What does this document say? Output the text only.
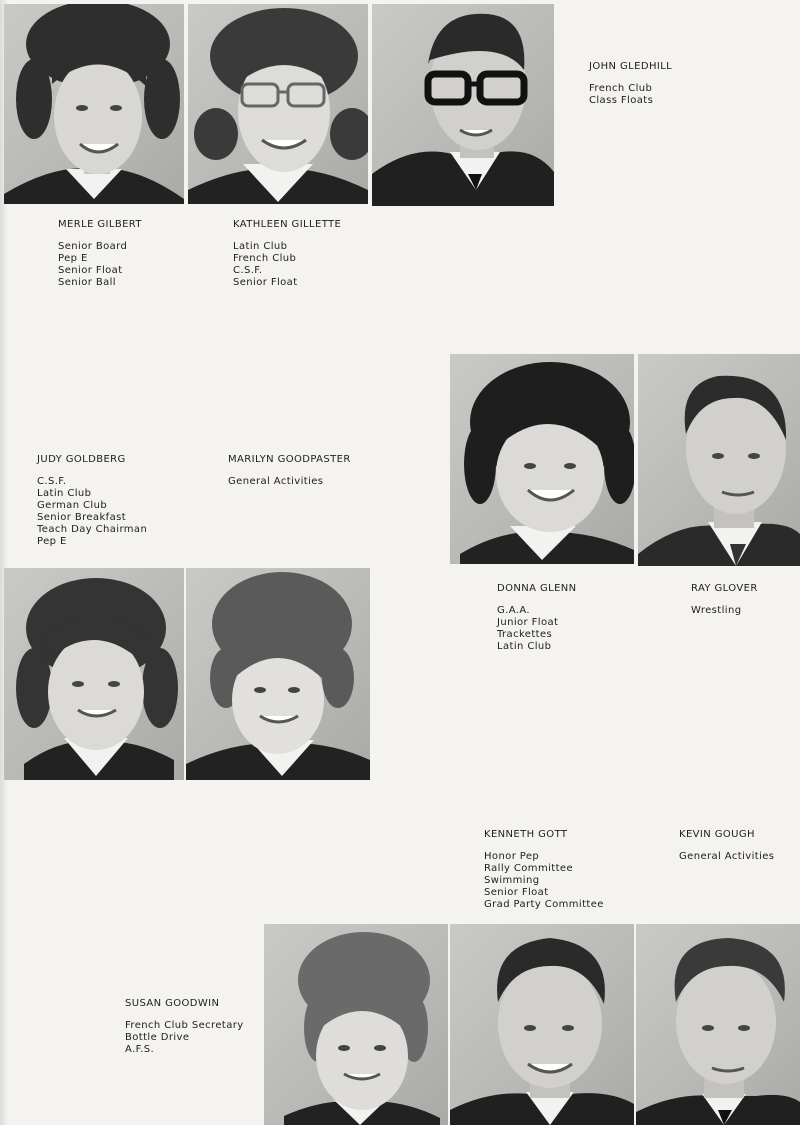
MERLE GILBERT
Senior Board
Pep E
Senior Float
Senior Ball
KATHLEEN GILLETTE
Latin Club
French Club
C.S.F.
Senior Float
JOHN GLEDHILL
French Club
Class Floats
JUDY GOLDBERG
C.S.F.
Latin Club
German Club
Senior Breakfast
Teach Day Chairman
Pep E
MARILYN GOODPASTER
General Activities
DONNA GLENN
G.A.A.
Junior Float
Trackettes
Latin Club
RAY GLOVER
Wrestling
KENNETH GOTT
Honor Pep
Rally Committee
Swimming
Senior Float
Grad Party Committee
KEVIN GOUGH
General Activities
SUSAN GOODWIN
French Club Secretary
Bottle Drive
A.F.S.
